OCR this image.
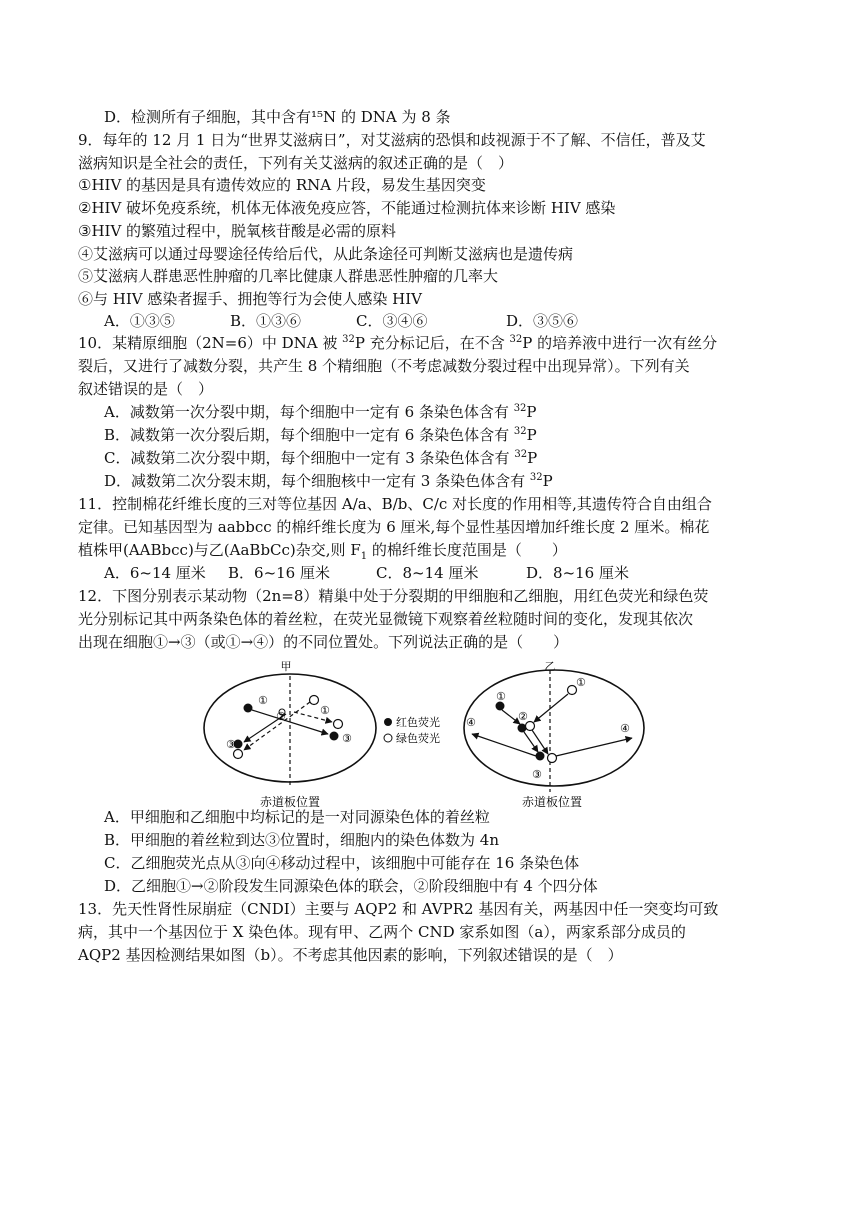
D．检测所有子细胞，其中含有¹⁵N 的 DNA 为 8 条
9．每年的 12 月 1 日为“世界艾滋病日”，对艾滋病的恐惧和歧视源于不了解、不信任，普及艾
滋病知识是全社会的责任，下列有关艾滋病的叙述正确的是（　）
①HIV 的基因是具有遗传效应的 RNA 片段，易发生基因突变
②HIV 破坏免疫系统，机体无体液免疫应答，不能通过检测抗体来诊断 HIV 感染
③HIV 的繁殖过程中，脱氧核苷酸是必需的原料
④艾滋病可以通过母婴途径传给后代，从此条途径可判断艾滋病也是遗传病
⑤艾滋病人群患恶性肿瘤的几率比健康人群患恶性肿瘤的几率大
⑥与 HIV 感染者握手、拥抱等行为会使人感染 HIV
A．①③⑤	B．①③⑥	C．③④⑥	D．③⑤⑥
10．某精原细胞（2N=6）中 DNA 被 $^{32}$P 充分标记后，在不含 $^{32}$P 的培养液中进行一次有丝分
裂后，又进行了减数分裂，共产生 8 个精细胞（不考虑减数分裂过程中出现异常）。下列有关
叙述错误的是（　）
A．减数第一次分裂中期，每个细胞中一定有 6 条染色体含有 $^{32}$P
B．减数第一次分裂后期，每个细胞中一定有 6 条染色体含有 $^{32}$P
C．减数第二次分裂中期，每个细胞中一定有 3 条染色体含有 $^{32}$P
D．减数第二次分裂末期，每个细胞核中一定有 3 条染色体含有 $^{32}$P
11．控制棉花纤维长度的三对等位基因 A/a、B/b、C/c 对长度的作用相等,其遗传符合自由组合
定律。已知基因型为 aabbcc 的棉纤维长度为 6 厘米,每个显性基因增加纤维长度 2 厘米。棉花
植株甲(AABbcc)与乙(AaBbCc)杂交,则 $F_1$ 的棉纤维长度范围是（　　）
A．6~14 厘米 B．6~16 厘米	C．8~14 厘米	D．8~16 厘米
12．下图分别表示某动物（2n=8）精巢中处于分裂期的甲细胞和乙细胞，用红色荧光和绿色荧
光分别标记其中两条染色体的着丝粒，在荧光显微镜下观察着丝粒随时间的变化，发现其依次
出现在细胞①→③（或①→④）的不同位置处。下列说法正确的是（　　）
甲
①
②	①
③	③
赤道板位置
红色荧光
绿色荧光
乙
①
①
②
④	④
③
赤道板位置
A．甲细胞和乙细胞中均标记的是一对同源染色体的着丝粒
B．甲细胞的着丝粒到达③位置时，细胞内的染色体数为 4n
C．乙细胞荧光点从③向④移动过程中，该细胞中可能存在 16 条染色体
D．乙细胞①→②阶段发生同源染色体的联会，②阶段细胞中有 4 个四分体
13．先天性肾性尿崩症（CNDI）主要与 AQP2 和 AVPR2 基因有关，两基因中任一突变均可致
病，其中一个基因位于 X 染色体。现有甲、乙两个 CND 家系如图（a），两家系部分成员的
AQP2 基因检测结果如图（b）。不考虑其他因素的影响，下列叙述错误的是（　）
